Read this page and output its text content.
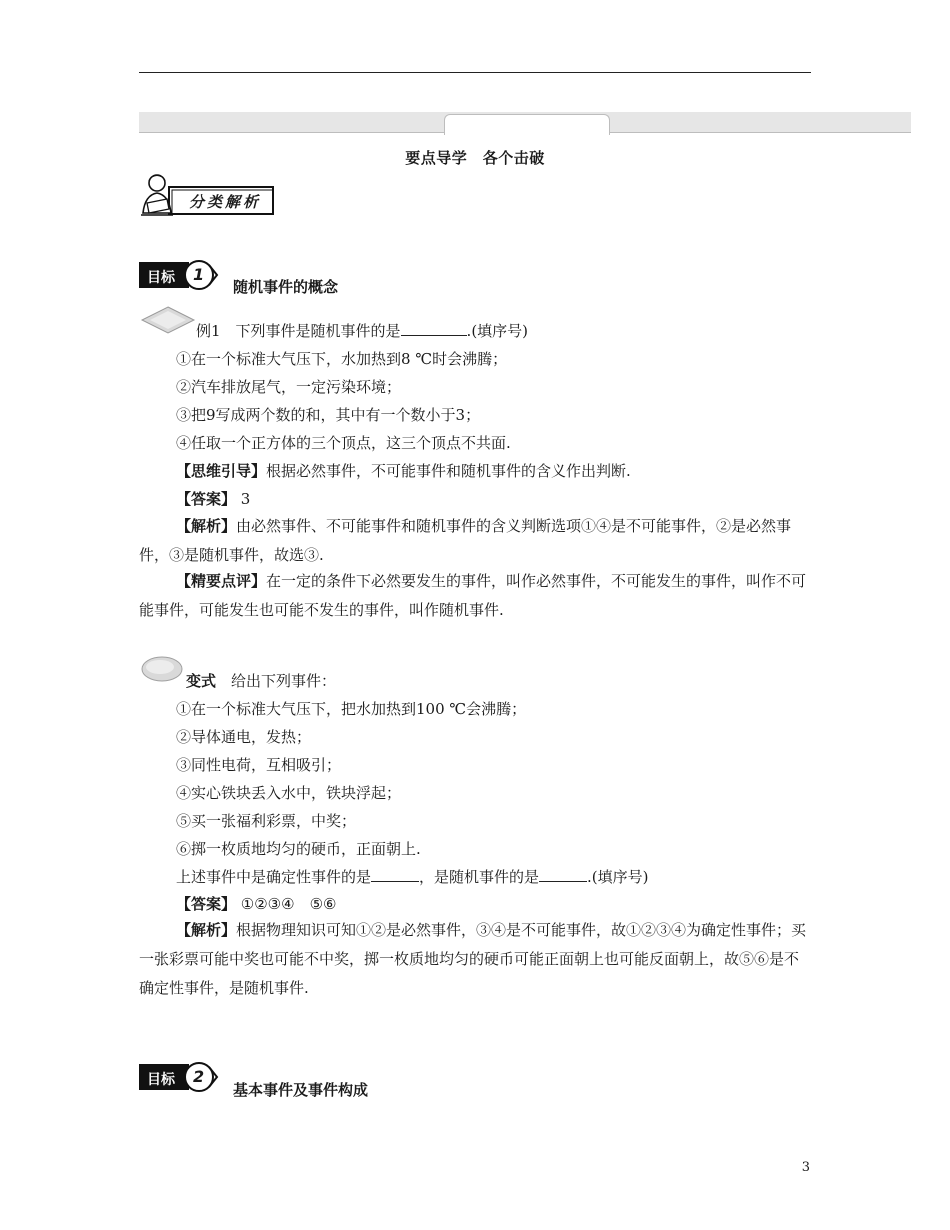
要点导学　各个击破
分类解析
目标 1
随机事件的概念
例1　下列事件是随机事件的是	.(填序号)
①在一个标准大气压下，水加热到8 ℃时会沸腾；
②汽车排放尾气，一定污染环境；
③把9写成两个数的和，其中有一个数小于3；
④任取一个正方体的三个顶点，这三个顶点不共面.
【思维引导】根据必然事件，不可能事件和随机事件的含义作出判断.
【答案】 3
【解析】由必然事件、不可能事件和随机事件的含义判断选项①④是不可能事件，②是必然事件，③是随机事件，故选③.
【精要点评】在一定的条件下必然要发生的事件，叫作必然事件，不可能发生的事件，叫作不可能事件，可能发生也可能不发生的事件，叫作随机事件.
变式　给出下列事件：
①在一个标准大气压下，把水加热到100 ℃会沸腾；
②导体通电，发热；
③同性电荷，互相吸引；
④实心铁块丢入水中，铁块浮起；
⑤买一张福利彩票，中奖；
⑥掷一枚质地均匀的硬币，正面朝上.
上述事件中是确定性事件的是	，是随机事件的是	.(填序号)
【答案】 ①②③④　⑤⑥
【解析】根据物理知识可知①②是必然事件，③④是不可能事件，故①②③④为确定性事件；买一张彩票可能中奖也可能不中奖，掷一枚质地均匀的硬币可能正面朝上也可能反面朝上，故⑤⑥是不确定性事件，是随机事件.
目标 2
基本事件及事件构成
3
